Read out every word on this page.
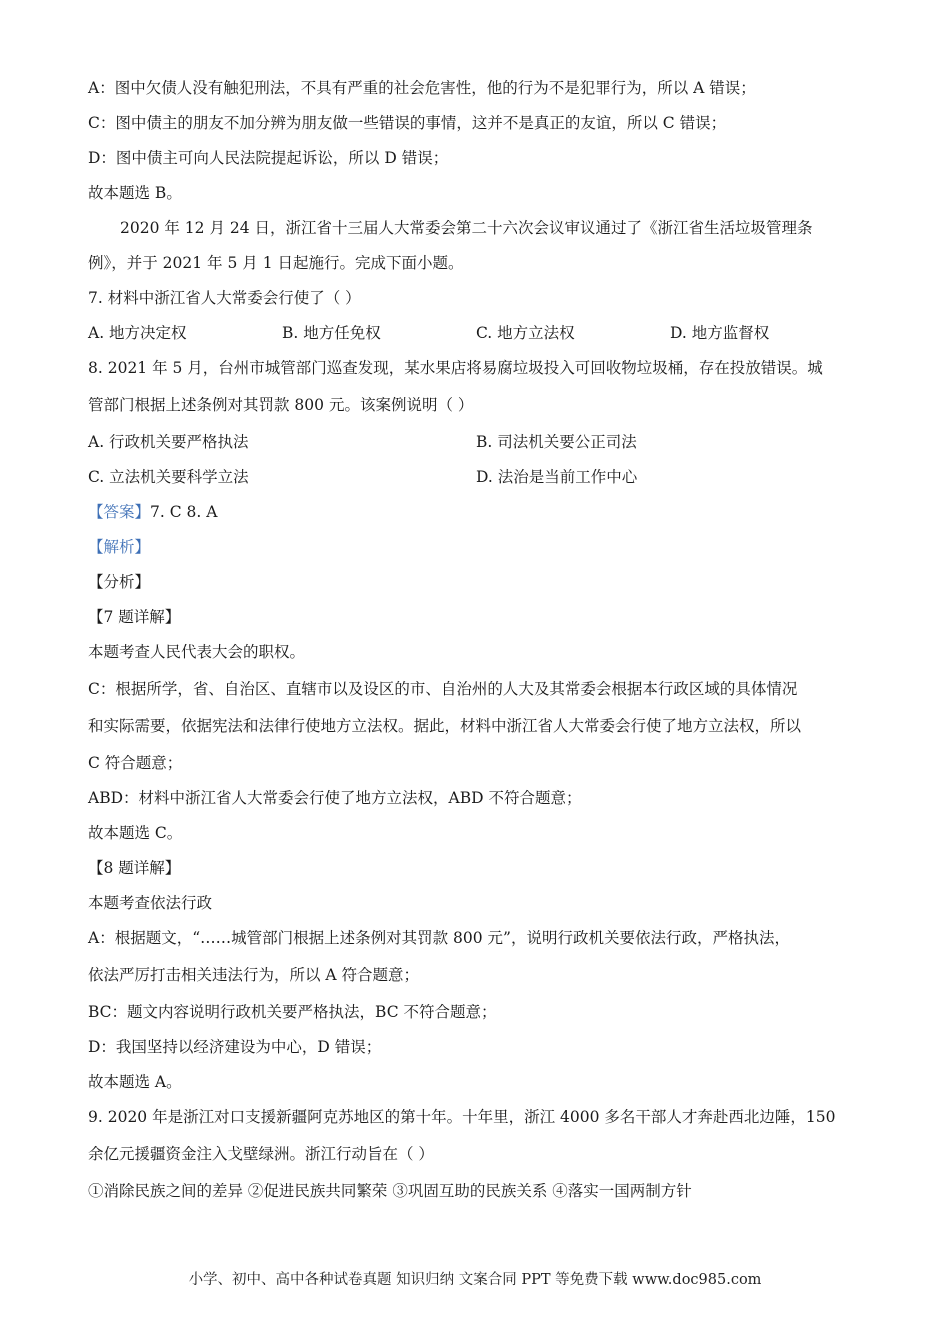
A：图中欠债人没有触犯刑法，不具有严重的社会危害性，他的行为不是犯罪行为，所以 A 错误；
C：图中债主的朋友不加分辨为朋友做一些错误的事情，这并不是真正的友谊，所以 C 错误；
D：图中债主可向人民法院提起诉讼，所以 D 错误；
故本题选 B。
2020 年 12 月 24 日，浙江省十三届人大常委会第二十六次会议审议通过了《浙江省生活垃圾管理条
例》，并于 2021 年 5 月 1 日起施行。完成下面小题。
7. 材料中浙江省人大常委会行使了（ ）
A. 地方决定权	B. 地方任免权	C. 地方立法权	D. 地方监督权
8. 2021 年 5 月，台州市城管部门巡查发现，某水果店将易腐垃圾投入可回收物垃圾桶，存在投放错误。城
管部门根据上述条例对其罚款 800 元。该案例说明（ ）
A. 行政机关要严格执法	B. 司法机关要公正司法
C. 立法机关要科学立法	D. 法治是当前工作中心
【答案】7. C 8. A
【解析】
【分析】
【7 题详解】
本题考查人民代表大会的职权。
C：根据所学，省、自治区、直辖市以及设区的市、自治州的人大及其常委会根据本行政区域的具体情况
和实际需要，依据宪法和法律行使地方立法权。据此，材料中浙江省人大常委会行使了地方立法权，所以
C 符合题意；
ABD：材料中浙江省人大常委会行使了地方立法权，ABD 不符合题意；
故本题选 C。
【8 题详解】
本题考查依法行政
A：根据题文，“……城管部门根据上述条例对其罚款 800 元”，说明行政机关要依法行政，严格执法，
依法严厉打击相关违法行为，所以 A 符合题意；
BC：题文内容说明行政机关要严格执法，BC 不符合题意；
D：我国坚持以经济建设为中心，D 错误；
故本题选 A。
9. 2020 年是浙江对口支援新疆阿克苏地区的第十年。十年里，浙江 4000 多名干部人才奔赴西北边陲，150
余亿元援疆资金注入戈壁绿洲。浙江行动旨在（ ）
①消除民族之间的差异 ②促进民族共同繁荣 ③巩固互助的民族关系 ④落实一国两制方针
小学、初中、高中各种试卷真题 知识归纳 文案合同 PPT 等免费下载 www.doc985.com
